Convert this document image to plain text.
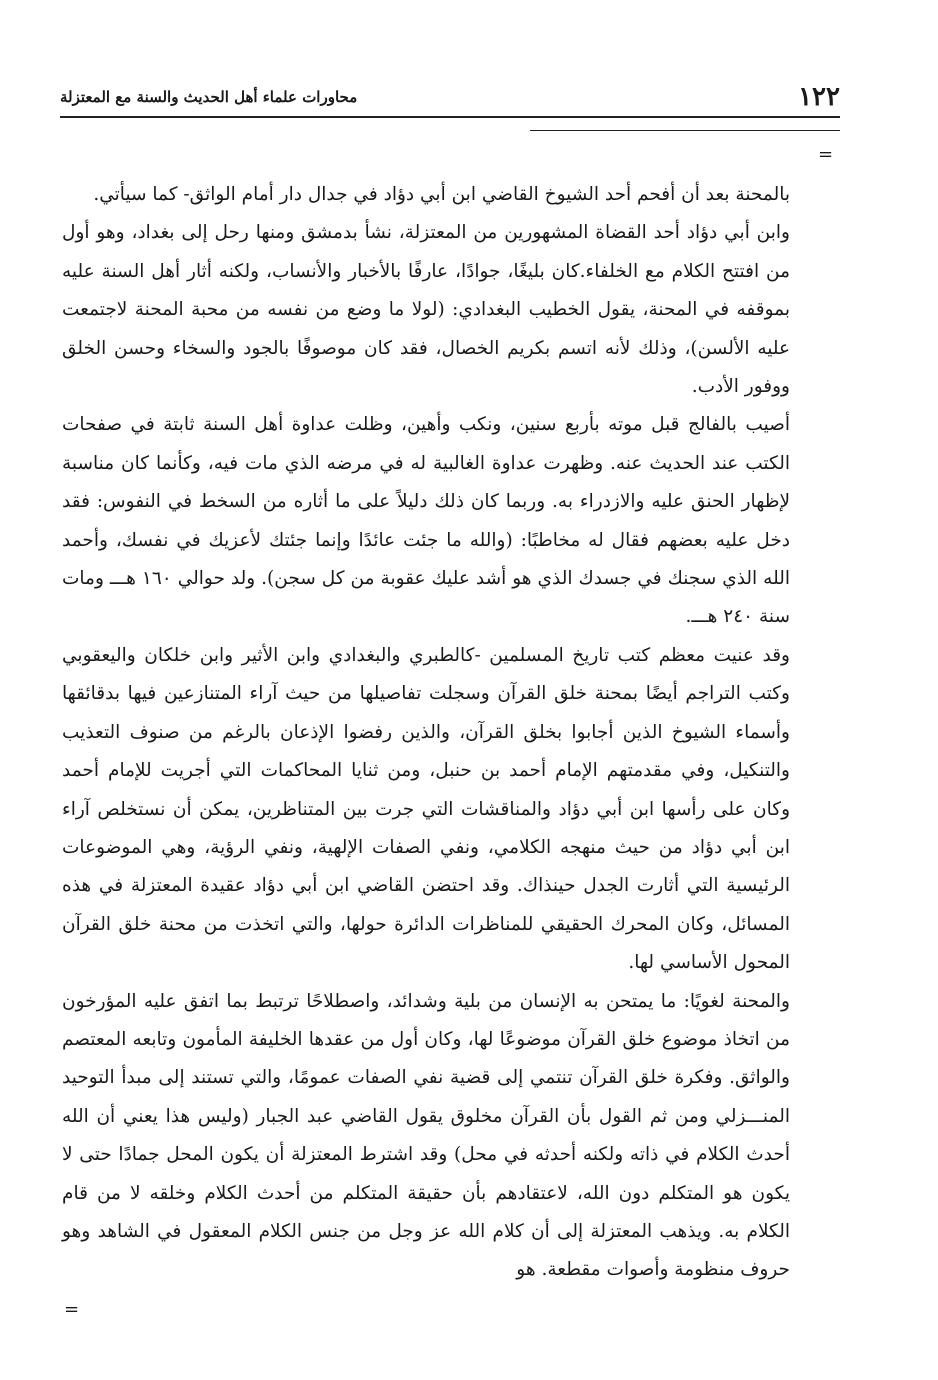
١٢٢
محاورات علماء أهل الحديث والسنة مع المعتزلة
=

بالمحنة بعد أن أفحم أحد الشيوخ القاضي ابن أبي دؤاد في جدال دار أمام الواثق- كما سيأتي.

وابن أبي دؤاد أحد القضاة المشهورين من المعتزلة، نشأ بدمشق ومنها رحل إلى بغداد، وهو أول من افتتح الكلام مع الخلفاء.كان بليغًا، جوادًا، عارفًا بالأخبار والأنساب، ولكنه أثار أهل السنة عليه بموقفه في المحنة، يقول الخطيب البغدادي: (لولا ما وضع من نفسه من محبة المحنة لاجتمعت عليه الألسن)، وذلك لأنه اتسم بكريم الخصال، فقد كان موصوفًا بالجود والسخاء وحسن الخلق ووفور الأدب.

أصيب بالفالج قبل موته بأربع سنين، ونكب وأهين، وظلت عداوة أهل السنة ثابتة في صفحات الكتب عند الحديث عنه. وظهرت عداوة الغالبية له في مرضه الذي مات فيه، وكأنما كان مناسبة لإظهار الحنق عليه والازدراء به. وربما كان ذلك دليلاً على ما أثاره من السخط في النفوس: فقد دخل عليه بعضهم فقال له مخاطبًا: (والله ما جئت عائدًا وإنما جئتك لأعزيك في نفسك، وأحمد الله الذي سجنك في جسدك الذي هو أشد عليك عقوبة من كل سجن). ولد حوالي ١٦٠ هـــ ومات سنة ٢٤٠ هـــ.

وقد عنيت معظم كتب تاريخ المسلمين -كالطبري والبغدادي وابن الأثير وابن خلكان واليعقوبي وكتب التراجم أيضًا بمحنة خلق القرآن وسجلت تفاصيلها من حيث آراء المتنازعين فيها بدقائقها وأسماء الشيوخ الذين أجابوا بخلق القرآن، والذين رفضوا الإذعان بالرغم من صنوف التعذيب والتنكيل، وفي مقدمتهم الإمام أحمد بن حنبل، ومن ثنايا المحاكمات التي أجريت للإمام أحمد وكان على رأسها ابن أبي دؤاد والمناقشات التي جرت بين المتناظرين، يمكن أن نستخلص آراء ابن أبي دؤاد من حيث منهجه الكلامي، ونفي الصفات الإلهية، ونفي الرؤية، وهي الموضوعات الرئيسية التي أثارت الجدل حينذاك. وقد احتضن القاضي ابن أبي دؤاد عقيدة المعتزلة في هذه المسائل، وكان المحرك الحقيقي للمناظرات الدائرة حولها، والتي اتخذت من محنة خلق القرآن المحول الأساسي لها.

والمحنة لغويًا: ما يمتحن به الإنسان من بلية وشدائد، واصطلاحًا ترتبط بما اتفق عليه المؤرخون من اتخاذ موضوع خلق القرآن موضوعًا لها، وكان أول من عقدها الخليفة المأمون وتابعه المعتصم والواثق. وفكرة خلق القرآن تنتمي إلى قضية نفي الصفات عمومًا، والتي تستند إلى مبدأ التوحيد المنـــزلي ومن ثم القول بأن القرآن مخلوق يقول القاضي عبد الجبار (وليس هذا يعني أن الله أحدث الكلام في ذاته ولكنه أحدثه في محل) وقد اشترط المعتزلة أن يكون المحل جمادًا حتى لا يكون هو المتكلم دون الله، لاعتقادهم بأن حقيقة المتكلم من أحدث الكلام وخلقه لا من قام الكلام به. ويذهب المعتزلة إلى أن كلام الله عز وجل من جنس الكلام المعقول في الشاهد وهو حروف منظومة وأصوات مقطعة. هو

=
